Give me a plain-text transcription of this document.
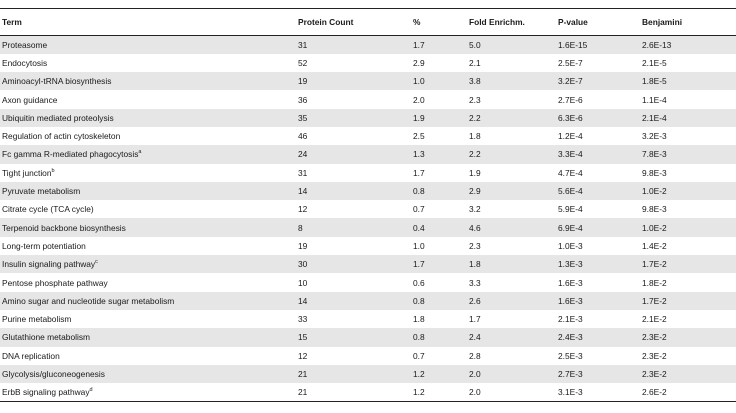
Term	Protein Count	%	Fold Enrichm.	P-value	Benjamini
Proteasome	31	1.7	5.0	1.6E-15	2.6E-13
Endocytosis	52	2.9	2.1	2.5E-7	2.1E-5
Aminoacyl-tRNA biosynthesis	19	1.0	3.8	3.2E-7	1.8E-5
Axon guidance	36	2.0	2.3	2.7E-6	1.1E-4
Ubiquitin mediated proteolysis	35	1.9	2.2	6.3E-6	2.1E-4
Regulation of actin cytoskeleton	46	2.5	1.8	1.2E-4	3.2E-3
Fc gamma R-mediated phagocytosis$^a$	24	1.3	2.2	3.3E-4	7.8E-3
Tight junction$^b$	31	1.7	1.9	4.7E-4	9.8E-3
Pyruvate metabolism	14	0.8	2.9	5.6E-4	1.0E-2
Citrate cycle (TCA cycle)	12	0.7	3.2	5.9E-4	9.8E-3
Terpenoid backbone biosynthesis	8	0.4	4.6	6.9E-4	1.0E-2
Long-term potentiation	19	1.0	2.3	1.0E-3	1.4E-2
Insulin signaling pathway$^c$	30	1.7	1.8	1.3E-3	1.7E-2
Pentose phosphate pathway	10	0.6	3.3	1.6E-3	1.8E-2
Amino sugar and nucleotide sugar metabolism	14	0.8	2.6	1.6E-3	1.7E-2
Purine metabolism	33	1.8	1.7	2.1E-3	2.1E-2
Glutathione metabolism	15	0.8	2.4	2.4E-3	2.3E-2
DNA replication	12	0.7	2.8	2.5E-3	2.3E-2
Glycolysis/gluconeogenesis	21	1.2	2.0	2.7E-3	2.3E-2
ErbB signaling pathway$^d$	21	1.2	2.0	3.1E-3	2.6E-2
